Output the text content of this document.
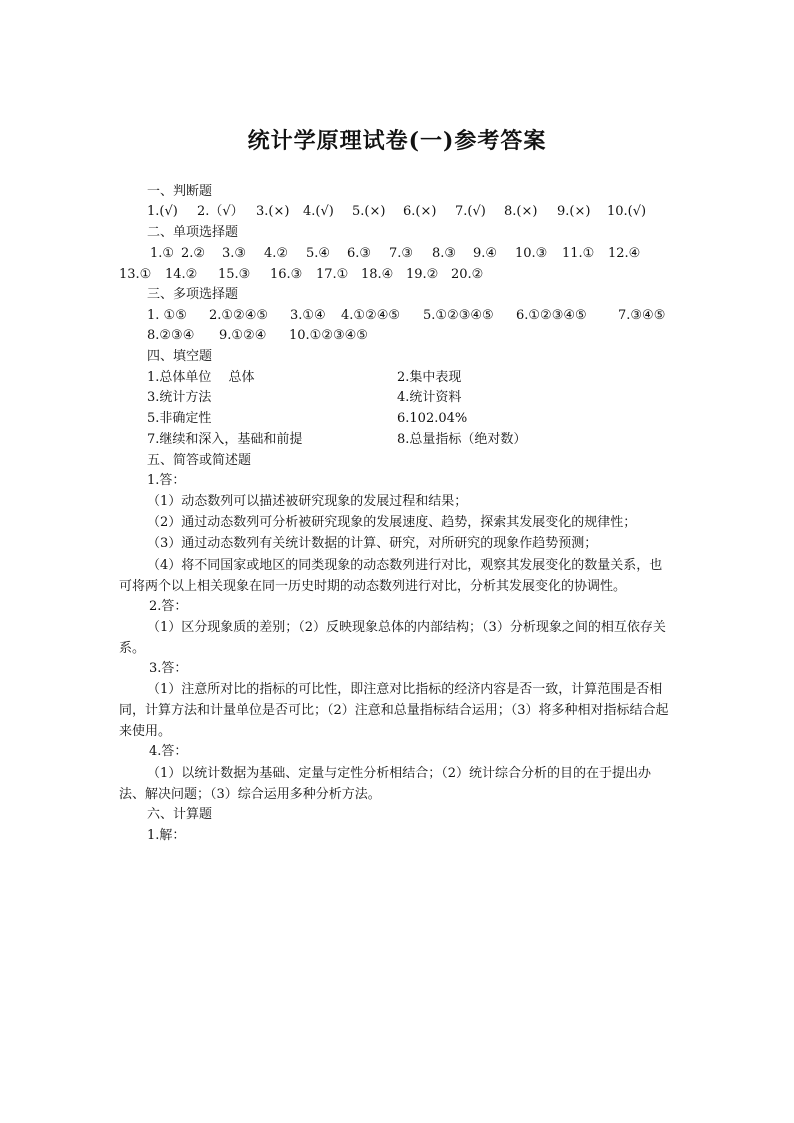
统计学原理试卷(一)参考答案
一、判断题
1.(√) 2.（√） 3.(×) 4.(√) 5.(×) 6.(×) 7.(√) 8.(×) 9.(×) 10.(√)
二、单项选择题
1.① 2.② 3.③ 4.② 5.④ 6.③ 7.③ 8.③ 9.④ 10.③ 11.① 12.④
13.① 14.② 15.③ 16.③ 17.① 18.④ 19.② 20.②
三、多项选择题
1. ①⑤ 2.①②④⑤ 3.①④ 4.①②④⑤ 5.①②③④⑤ 6.①②③④⑤ 7.③④⑤
8.②③④ 9.①②④ 10.①②③④⑤
四、填空题
1.总体单位　 总体	2.集中表现
3.统计方法	4.统计资料
5.非确定性	6.102.04%
7.继续和深入，基础和前提	8.总量指标（绝对数）
五、简答或简述题
1.答：
（1）动态数列可以描述被研究现象的发展过程和结果；
（2）通过动态数列可分析被研究现象的发展速度、趋势，探索其发展变化的规律性；
（3）通过动态数列有关统计数据的计算、研究，对所研究的现象作趋势预测；
（4）将不同国家或地区的同类现象的动态数列进行对比，观察其发展变化的数量关系，也可将两个以上相关现象在同一历史时期的动态数列进行对比，分析其发展变化的协调性。
2.答：
（1）区分现象质的差别；（2）反映现象总体的内部结构；（3）分析现象之间的相互依存关系。
3.答：
（1）注意所对比的指标的可比性，即注意对比指标的经济内容是否一致，计算范围是否相同，计算方法和计量单位是否可比；（2）注意和总量指标结合运用；（3）将多种相对指标结合起来使用。
4.答：
（1）以统计数据为基础、定量与定性分析相结合；（2）统计综合分析的目的在于提出办法、解决问题；（3）综合运用多种分析方法。
六、计算题
1.解：
